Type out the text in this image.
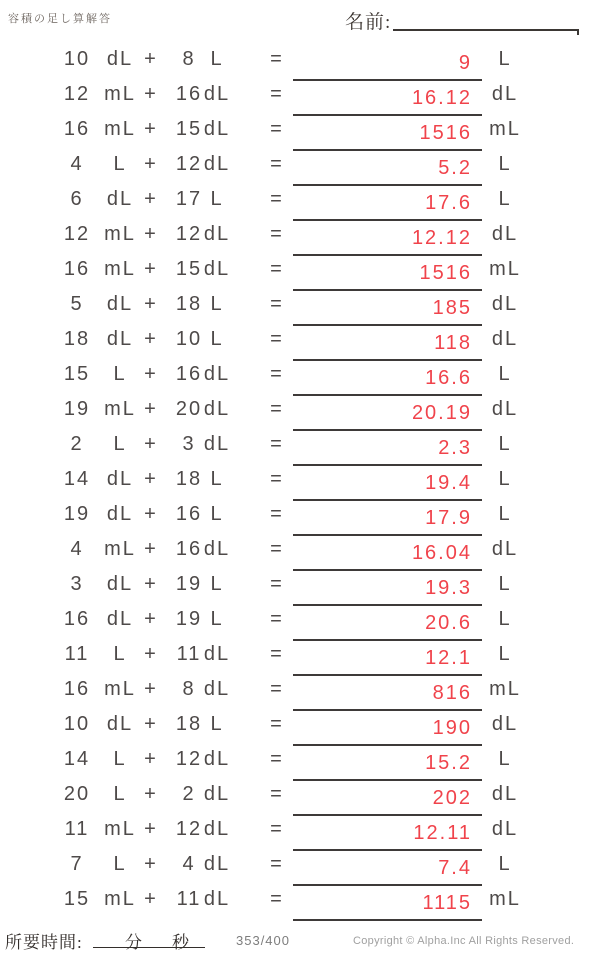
容積の足し算解答	名前:
10 dL +	8 L	=	9	L
12 mL + 16 dL	=	16.12 dL
16 mL + 15 dL	=	1516 mL
4	L + 12 dL	=	5.2	L
6	dL + 17 L	=	17.6	L
12 mL + 12 dL	=	12.12 dL
16 mL + 15 dL	=	1516 mL
5	dL + 18 L	=	185 dL
18 dL + 10 L	=	118 dL
15	L + 16 dL	=	16.6	L
19 mL + 20 dL	=	20.19 dL
2	L +	3 dL	=	2.3	L
14 dL + 18 L	=	19.4	L
19 dL + 16 L	=	17.9	L
4	mL + 16 dL	=	16.04 dL
3	dL + 19 L	=	19.3	L
16 dL + 19 L	=	20.6	L
11	L + 11 dL	=	12.1	L
16 mL +	8 dL	=	816 mL
10 dL + 18 L	=	190 dL
14	L + 12 dL	=	15.2	L
20	L +	2 dL	=	202 dL
11 mL + 12 dL	=	12.11 dL
7	L +	4 dL	=	7.4	L
15 mL + 11 dL	=	1115 mL
所要時間: 分 秒	353/400	Copyright © Alpha.Inc All Rights Reserved.
